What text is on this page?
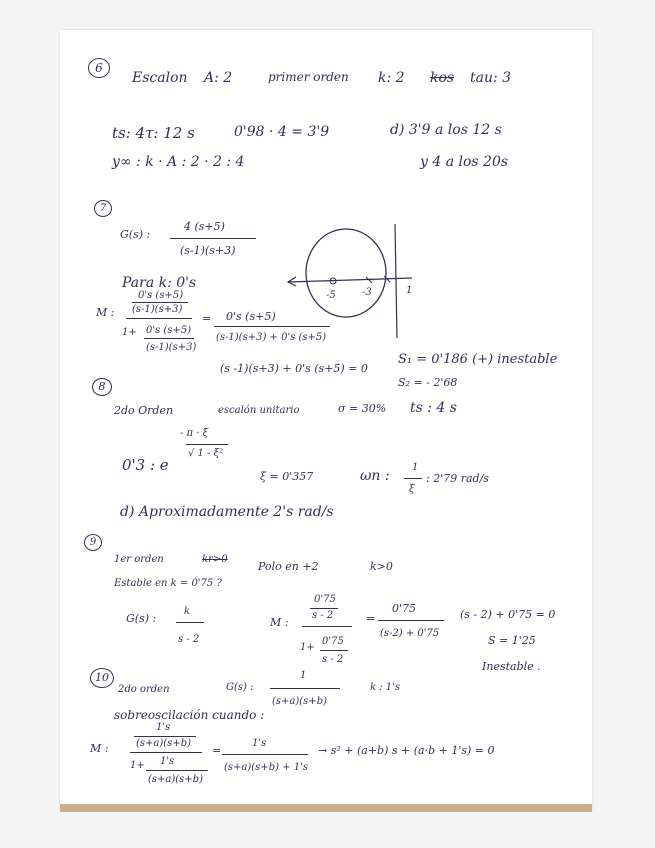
6
Escalon A: 2	primer orden k: 2 kos tau: 3
ts: 4τ: 12 s	0'98 · 4 = 3'9	d) 3'9 a los 12 s
y∞ : k · A : 2 · 2 : 4	y 4 a los 20s
7
G(s) :
4 (s+5)
(s-1)(s+3)
-5	-3	1
Para k: 0's
M :
0's (s+5)
(s-1)(s+3)
1+ 0's (s+5)
(s-1)(s+3)
= 0's (s+5)
(s-1)(s+3) + 0's (s+5)
(s -1)(s+3) + 0's (s+5) = 0
S₁ = 0'186 (+) inestable
S₂ = - 2'68
8
2do Orden	escalón unitario	σ = 30% ts : 4 s
0'3 : e
- π · ξ
√ 1 - ξ²
ξ = 0'357	ωn :
1
ξ
: 2'79 rad/s
d) Aproximadamente 2's rad/s
9
1er orden	kr>0
Polo en +2	k>0
Estable en k = 0'75 ?
G(s) :
k
s - 2
M :
0'75
s - 2
1+
0'75
s - 2
=
0'75
(s-2) + 0'75
(s - 2) + 0'75 = 0
S = 1'25
Inestable .
10
2do orden	G(s) :
1
(s+a)(s+b)
k : 1's
sobreoscilación cuando :
M :
1's
(s+a)(s+b)
1+ 1's
(s+a)(s+b)
=
1's
(s+a)(s+b) + 1's
→ s² + (a+b) s + (a·b + 1's) = 0
